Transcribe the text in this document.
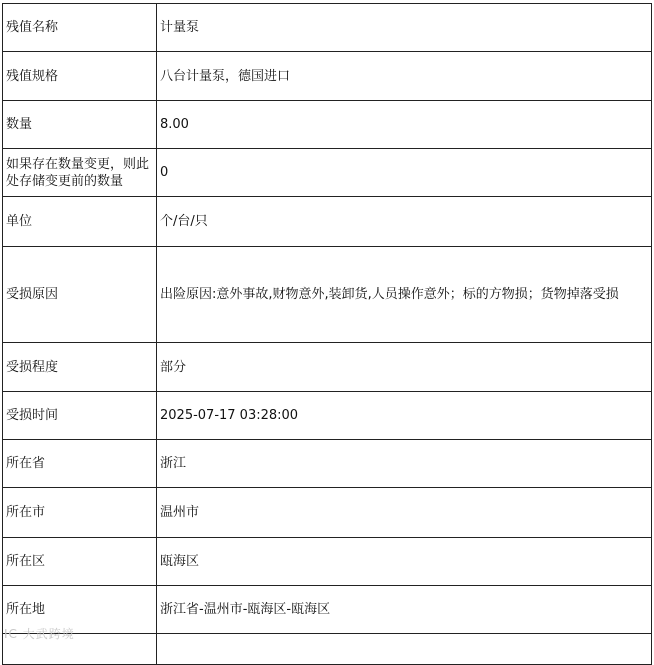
残值名称	计量泵
残值规格	八台计量泵，德国进口
数量	8.00
如果存在数量变更，则此处存储变更前的数量	0
单位	个/台/只
受损原因	出险原因:意外事故,财物意外,装卸货,人员操作意外；标的方物损；货物掉落受损
受损程度	部分
受损时间	2025-07-17 03:28:00
所在省	浙江
所在市	温州市
所在区	瓯海区
所在地	浙江省-温州市-瓯海区-瓯海区

IC 大武跨境
